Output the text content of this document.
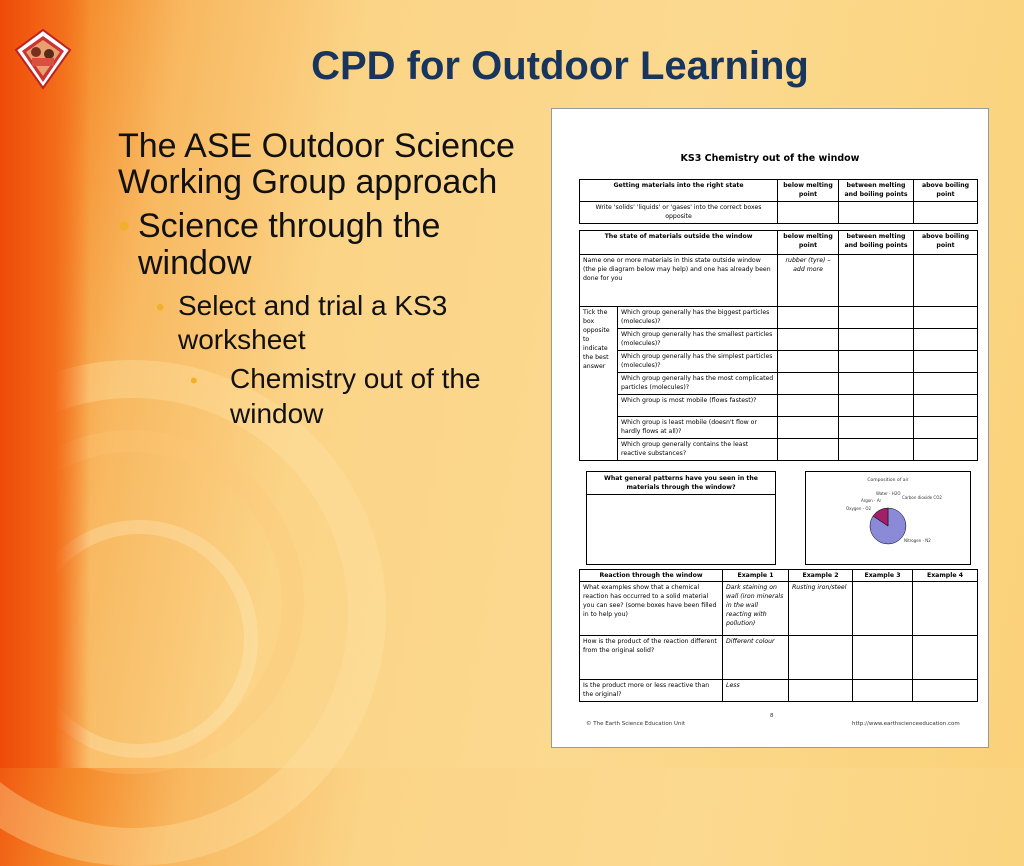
CPD for Outdoor Learning
The ASE Outdoor Science Working Group approach
• Science through the window
• Select and trial a KS3 worksheet
• Chemistry out of the window
KS3 Chemistry out of the window
Getting materials into the right state	below melting point	between melting and boiling points	above boiling point
Write 'solids' 'liquids' or 'gases' into the correct boxes opposite			
The state of materials outside the window		below melting point	between melting and boiling points	above boiling point
Name one or more materials in this state outside window (the pie diagram below may help) and one has already been done for you		rubber (tyre) – add more		
Tick the box opposite to indicate the best answer	Which group generally has the biggest particles (molecules)?			
	Which group generally has the smallest particles (molecules)?			
	Which group generally has the simplest particles (molecules)?			
	Which group generally has the most complicated particles (molecules)?			
	Which group is most mobile (flows fastest)?			
	Which group is least mobile (doesn't flow or hardly flows at all)?			
	Which group generally contains the least reactive substances?			
What general patterns have you seen in the materials through the window?
Composition of air
Water - H2O
Carbon dioxide CO2
Argon - Ar
Oxygen - O2
Nitrogen - N2
Reaction through the window	Example 1	Example 2	Example 3	Example 4
What examples show that a chemical reaction has occurred to a solid material you can see? (some boxes have been filled in to help you)	Dark staining on wall (iron minerals in the wall reacting with pollution)	Rusting iron/steel		
How is the product of the reaction different from the original solid?	Different colour			
Is the product more or less reactive than the original?	Less			
8
© The Earth Science Education Unit	http://www.earthscienceeducation.com
